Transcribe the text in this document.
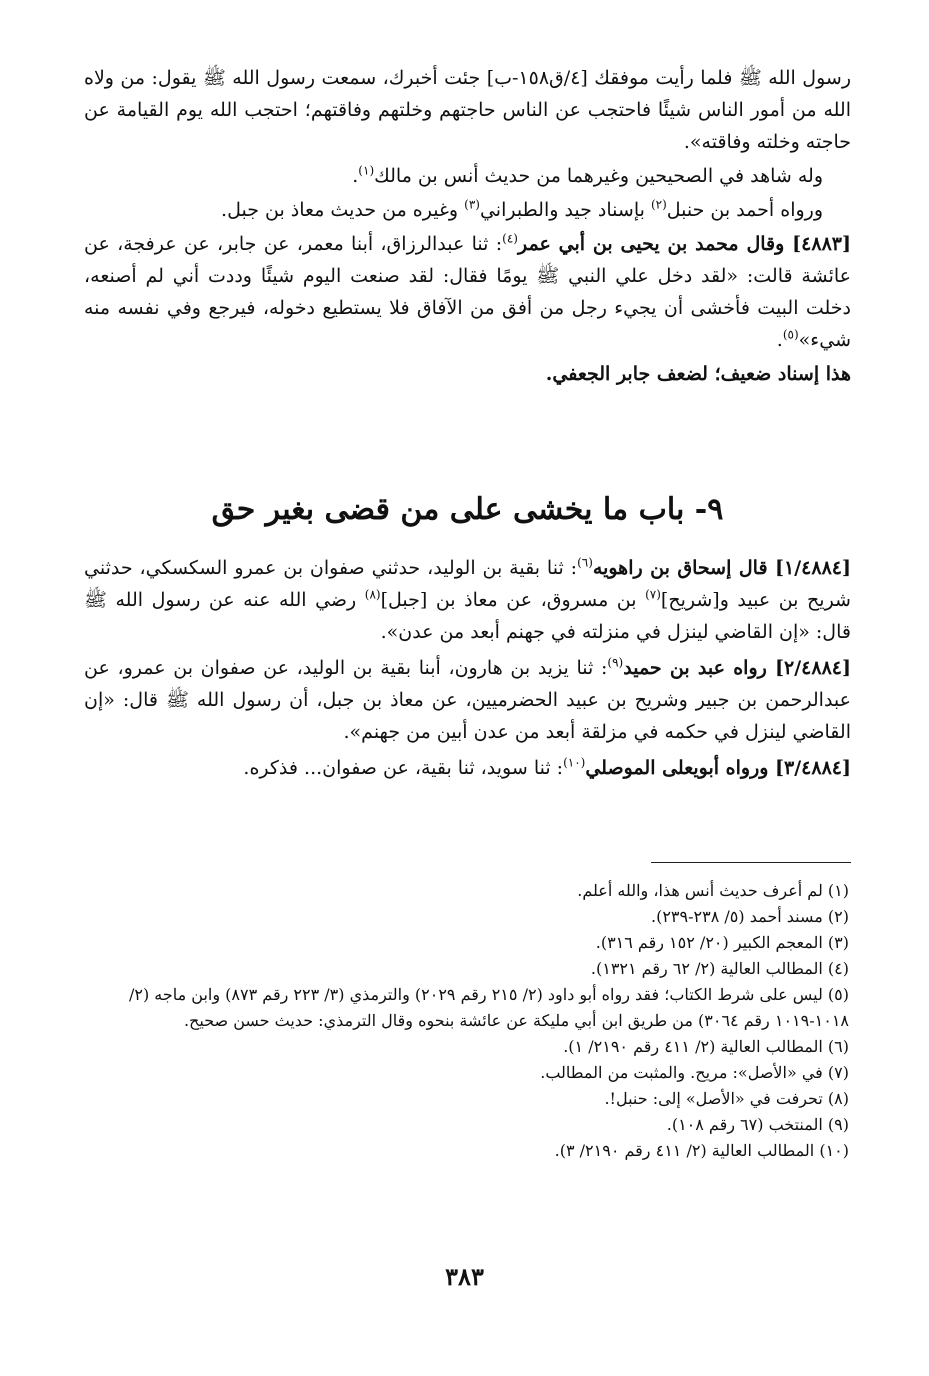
رسول الله ﷺ فلما رأيت موفقك [٤/ق١٥٨-ب] جئت أخبرك، سمعت رسول الله ﷺ يقول: من ولاه الله من أمور الناس شيئًا فاحتجب عن الناس حاجتهم وخلتهم وفاقتهم؛ احتجب الله يوم القيامة عن حاجته وخلته وفاقته».

وله شاهد في الصحيحين وغيرهما من حديث أنس بن مالك$^{(١)}$.

ورواه أحمد بن حنبل$^{(٢)}$ بإسناد جيد والطبراني$^{(٣)}$ وغيره من حديث معاذ بن جبل.

[٤٨٨٣] وقال محمد بن يحيى بن أبي عمر$^{(٤)}$: ثنا عبدالرزاق، أبنا معمر، عن جابر، عن عرفجة، عن عائشة قالت: «لقد دخل علي النبي ﷺ يومًا فقال: لقد صنعت اليوم شيئًا وددت أني لم أصنعه، دخلت البيت فأخشى أن يجيء رجل من أفق من الآفاق فلا يستطيع دخوله، فيرجع وفي نفسه منه شيء»$^{(٥)}$.

هذا إسناد ضعيف؛ لضعف جابر الجعفي.

٩- باب ما يخشى على من قضى بغير حق

[١/٤٨٨٤] قال إسحاق بن راهويه$^{(٦)}$: ثنا بقية بن الوليد، حدثني صفوان بن عمرو السكسكي، حدثني شريح بن عبيد و[شريح]$^{(٧)}$ بن مسروق، عن معاذ بن [جبل]$^{(٨)}$ رضي الله عنه عن رسول الله ﷺ قال: «إن القاضي لينزل في منزلته في جهنم أبعد من عدن».

[٢/٤٨٨٤] رواه عبد بن حميد$^{(٩)}$: ثنا يزيد بن هارون، أبنا بقية بن الوليد، عن صفوان بن عمرو، عن عبدالرحمن بن جبير وشريح بن عبيد الحضرميين، عن معاذ بن جبل، أن رسول الله ﷺ قال: «إن القاضي لينزل في حكمه في مزلقة أبعد من عدن أبين من جهنم».

[٣/٤٨٨٤] ورواه أبويعلى الموصلي$^{(١٠)}$: ثنا سويد، ثنا بقية، عن صفوان... فذكره.

(١) لم أعرف حديث أنس هذا، والله أعلم.
(٢) مسند أحمد (٥/ ٢٣٨-٢٣٩).
(٣) المعجم الكبير (٢٠/ ١٥٢ رقم ٣١٦).
(٤) المطالب العالية (٢/ ٦٢ رقم ١٣٢١).
(٥) ليس على شرط الكتاب؛ فقد رواه أبو داود (٢/ ٢١٥ رقم ٢٠٢٩) والترمذي (٣/ ٢٢٣ رقم ٨٧٣) وابن ماجه (٢/ ١٠١٨-١٠١٩ رقم ٣٠٦٤) من طريق ابن أبي مليكة عن عائشة بنحوه وقال الترمذي: حديث حسن صحيح.
(٦) المطالب العالية (٢/ ٤١١ رقم ٢١٩٠/ ١).
(٧) في «الأصل»: مريح. والمثبت من المطالب.
(٨) تحرفت في «الأصل» إلى: حنبل!.
(٩) المنتخب (٦٧ رقم ١٠٨).
(١٠) المطالب العالية (٢/ ٤١١ رقم ٢١٩٠/ ٣).
٣٨٣
